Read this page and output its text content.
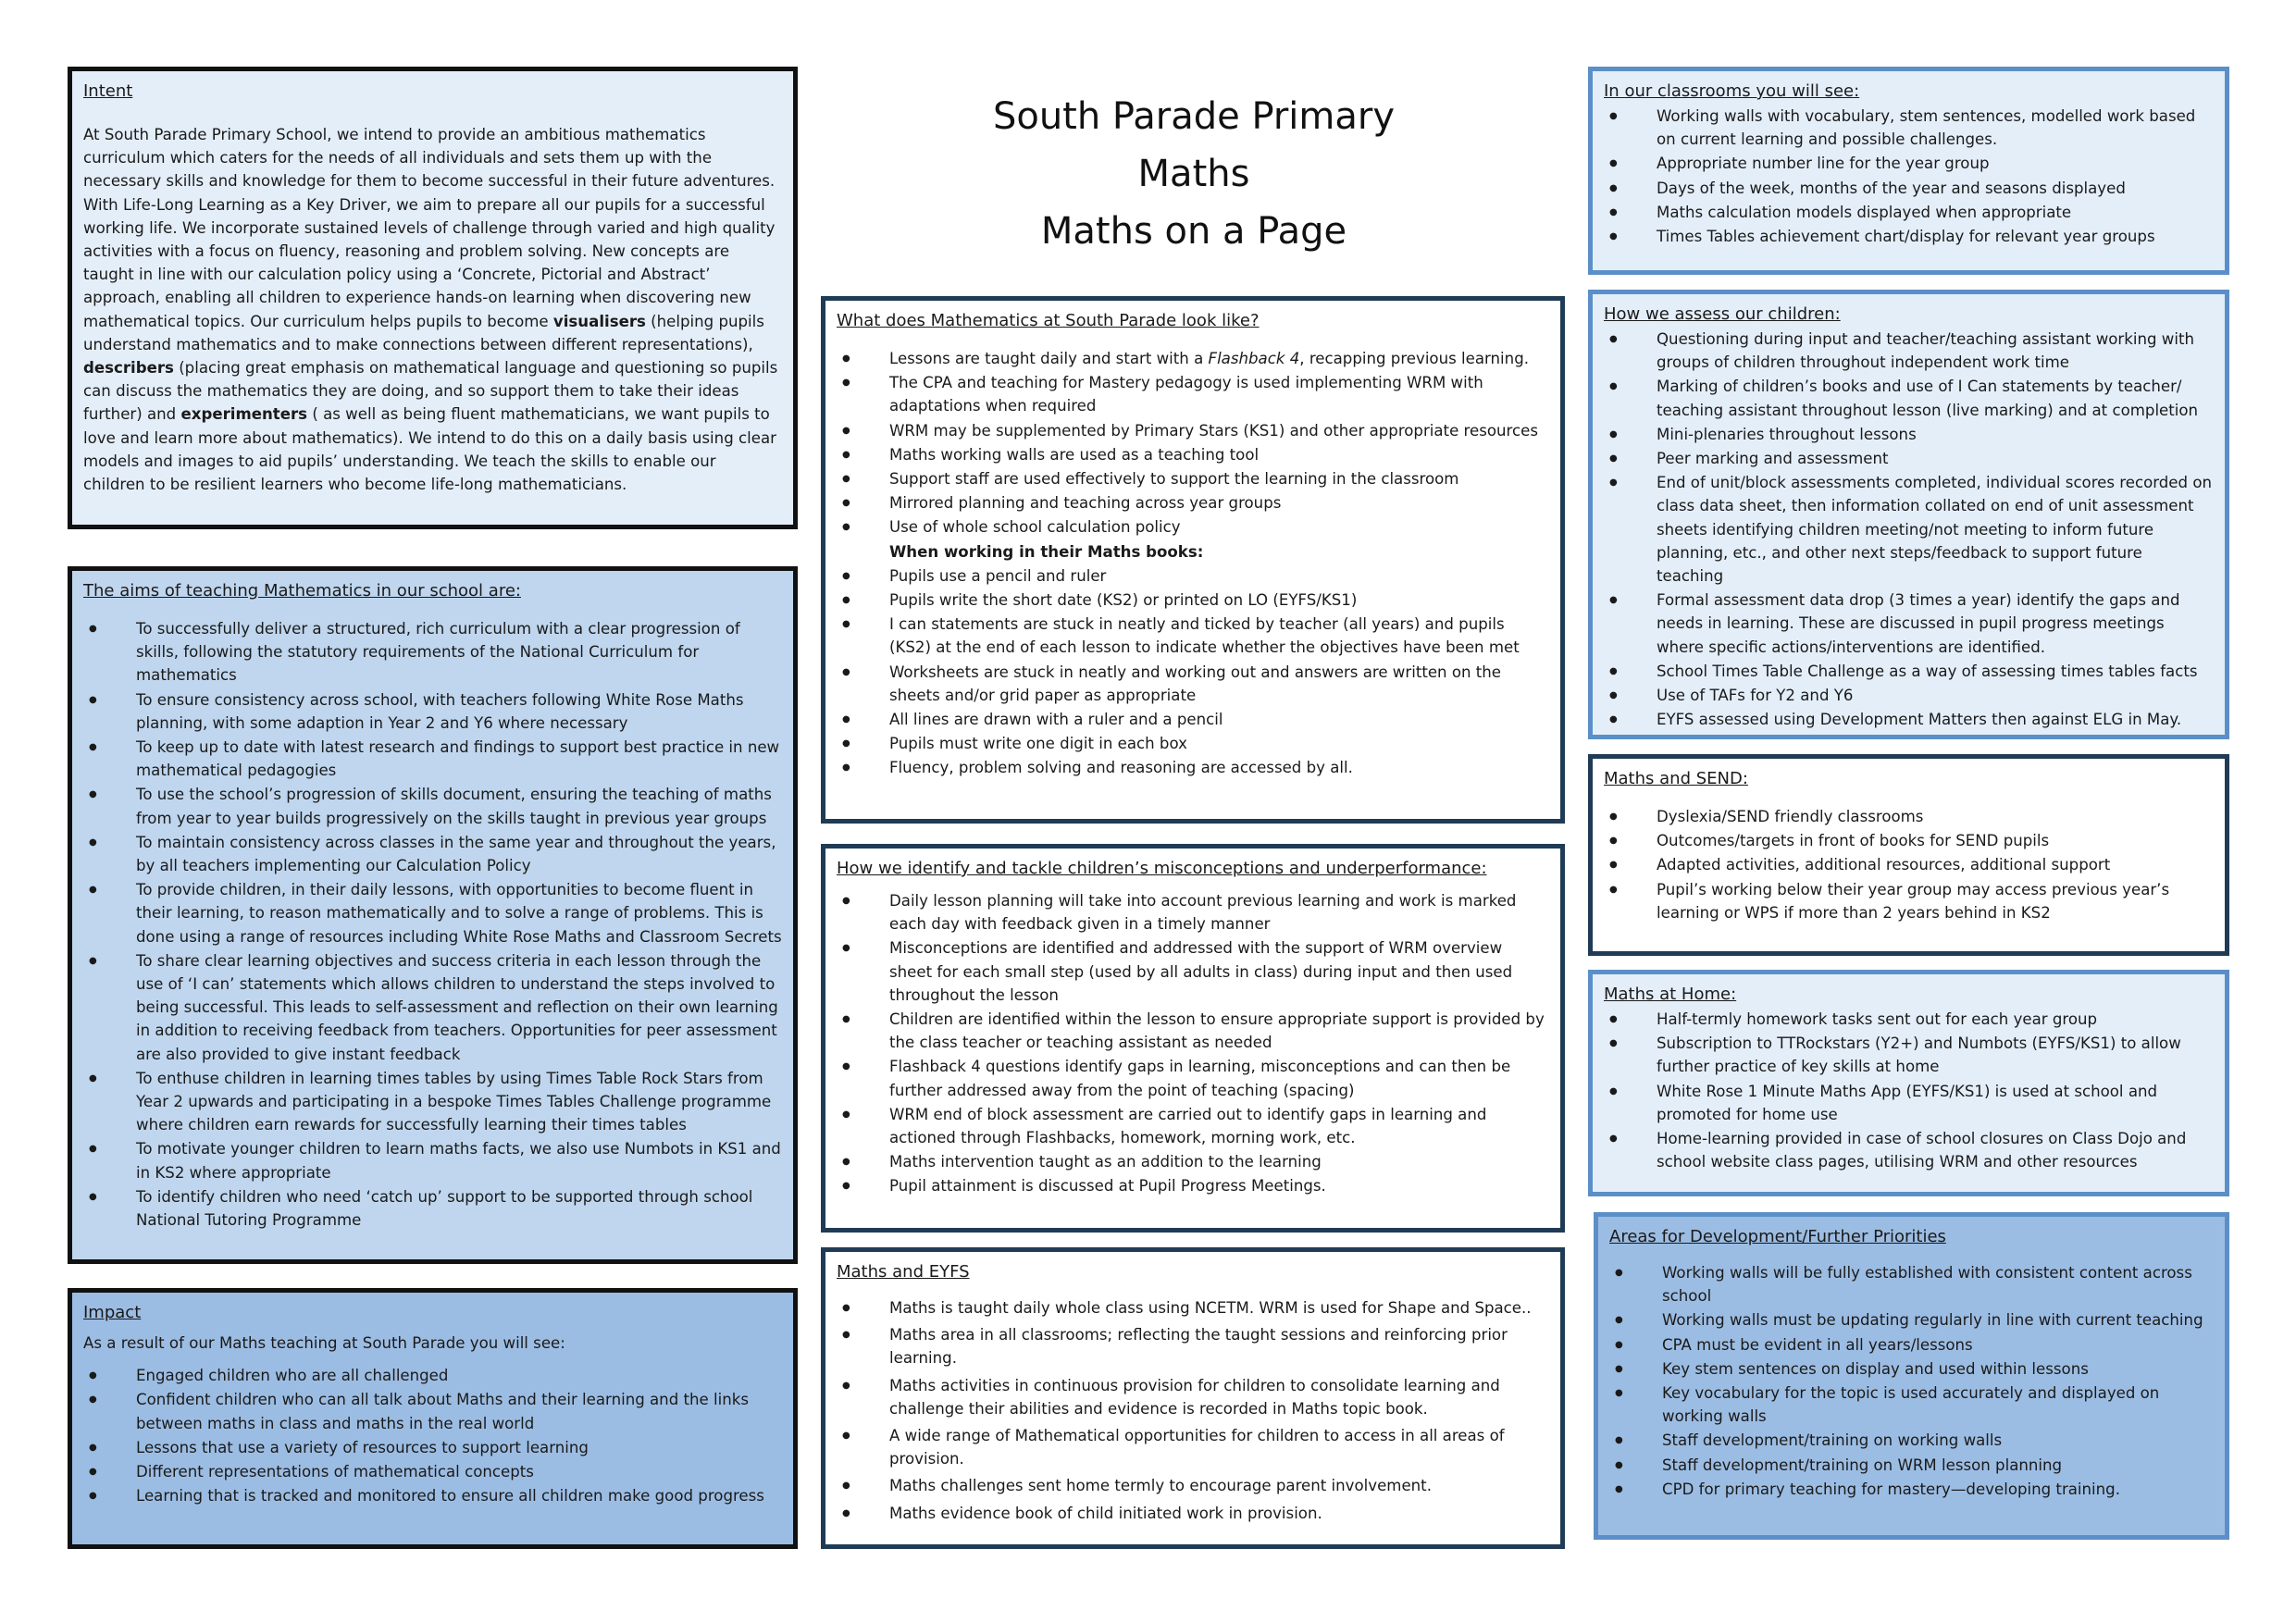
South Parade Primary
Maths
Maths on a Page
Intent

At South Parade Primary School, we intend to provide an ambitious mathematics curriculum which caters for the needs of all individuals and sets them up with the necessary skills and knowledge for them to become successful in their future adventures. With Life-Long Learning as a Key Driver, we aim to prepare all our pupils for a successful working life. We incorporate sustained levels of challenge through varied and high quality activities with a focus on fluency, reasoning and problem solving. New concepts are taught in line with our calculation policy using a ‘Concrete, Pictorial and Abstract’ approach, enabling all children to experience hands-on learning when discovering new mathematical topics. Our curriculum helps pupils to become visualisers (helping pupils understand mathematics and to make connections between different representations), describers (placing great emphasis on mathematical language and questioning so pupils can discuss the mathematics they are doing, and so support them to take their ideas further) and experimenters ( as well as being fluent mathematicians, we want pupils to love and learn more about mathematics). We intend to do this on a daily basis using clear models and images to aid pupils’ understanding. We teach the skills to enable our children to be resilient learners who become life-long mathematicians.

The aims of teaching Mathematics in our school are:
● To successfully deliver a structured, rich curriculum with a clear progression of skills, following the statutory requirements of the National Curriculum for mathematics
● To ensure consistency across school, with teachers following White Rose Maths planning, with some adaption in Year 2 and Y6 where necessary
● To keep up to date with latest research and findings to support best practice in new mathematical pedagogies
● To use the school’s progression of skills document, ensuring the teaching of maths from year to year builds progressively on the skills taught in previous year groups
● To maintain consistency across classes in the same year and throughout the years, by all teachers implementing our Calculation Policy
● To provide children, in their daily lessons, with opportunities to become fluent in their learning, to reason mathematically and to solve a range of problems. This is done using a range of resources including White Rose Maths and Classroom Secrets
● To share clear learning objectives and success criteria in each lesson through the use of ‘I can’ statements which allows children to understand the steps involved to being successful. This leads to self-assessment and reflection on their own learning in addition to receiving feedback from teachers. Opportunities for peer assessment are also provided to give instant feedback
● To enthuse children in learning times tables by using Times Table Rock Stars from Year 2 upwards and participating in a bespoke Times Tables Challenge programme where children earn rewards for successfully learning their times tables
● To motivate younger children to learn maths facts, we also use Numbots in KS1 and in KS2 where appropriate
● To identify children who need ‘catch up’ support to be supported through school National Tutoring Programme
Impact

As a result of our Maths teaching at South Parade you will see:

● Engaged children who are all challenged
● Confident children who can all talk about Maths and their learning and the links between maths in class and maths in the real world
● Lessons that use a variety of resources to support learning
● Different representations of mathematical concepts
● Learning that is tracked and monitored to ensure all children make good progress
What does Mathematics at South Parade look like?
● Lessons are taught daily and start with a Flashback 4, recapping previous learning.
● The CPA and teaching for Mastery pedagogy is used implementing WRM with adaptations when required
● WRM may be supplemented by Primary Stars (KS1) and other appropriate resources
● Maths working walls are used as a teaching tool
● Support staff are used effectively to support the learning in the classroom
● Mirrored planning and teaching across year groups
● Use of whole school calculation policy
When working in their Maths books:
● Pupils use a pencil and ruler
● Pupils write the short date (KS2) or printed on LO (EYFS/KS1)
● I can statements are stuck in neatly and ticked by teacher (all years) and pupils (KS2) at the end of each lesson to indicate whether the objectives have been met
● Worksheets are stuck in neatly and working out and answers are written on the sheets and/or grid paper as appropriate
● All lines are drawn with a ruler and a pencil
● Pupils must write one digit in each box
● Fluency, problem solving and reasoning are accessed by all.
How we identify and tackle children’s misconceptions and underperformance:
● Daily lesson planning will take into account previous learning and work is marked each day with feedback given in a timely manner
● Misconceptions are identified and addressed with the support of WRM overview sheet for each small step (used by all adults in class) during input and then used throughout the lesson
● Children are identified within the lesson to ensure appropriate support is provided by the class teacher or teaching assistant as needed
● Flashback 4 questions identify gaps in learning, misconceptions and can then be further addressed away from the point of teaching (spacing)
● WRM end of block assessment are carried out to identify gaps in learning and actioned through Flashbacks, homework, morning work, etc.
● Maths intervention taught as an addition to the learning
● Pupil attainment is discussed at Pupil Progress Meetings.
Maths and EYFS
● Maths is taught daily whole class using NCETM. WRM is used for Shape and Space..
● Maths area in all classrooms; reflecting the taught sessions and reinforcing prior learning.
● Maths activities in continuous provision for children to consolidate learning and challenge their abilities and evidence is recorded in Maths topic book.
● A wide range of Mathematical opportunities for children to access in all areas of provision.
● Maths challenges sent home termly to encourage parent involvement.
● Maths evidence book of child initiated work in provision.
In our classrooms you will see:
● Working walls with vocabulary, stem sentences, modelled work based on current learning and possible challenges.
● Appropriate number line for the year group
● Days of the week, months of the year and seasons displayed
● Maths calculation models displayed when appropriate
● Times Tables achievement chart/display for relevant year groups
How we assess our children:
● Questioning during input and teacher/teaching assistant working with groups of children throughout independent work time
● Marking of children’s books and use of I Can statements by teacher/ teaching assistant throughout lesson (live marking) and at completion
● Mini-plenaries throughout lessons
● Peer marking and assessment
● End of unit/block assessments completed, individual scores recorded on class data sheet, then information collated on end of unit assessment sheets identifying children meeting/not meeting to inform future planning, etc., and other next steps/feedback to support future teaching
● Formal assessment data drop (3 times a year) identify the gaps and needs in learning. These are discussed in pupil progress meetings where specific actions/interventions are identified.
● School Times Table Challenge as a way of assessing times tables facts
● Use of TAFs for Y2 and Y6
● EYFS assessed using Development Matters then against ELG in May.
Maths and SEND:
● Dyslexia/SEND friendly classrooms
● Outcomes/targets in front of books for SEND pupils
● Adapted activities, additional resources, additional support
● Pupil’s working below their year group may access previous year’s learning or WPS if more than 2 years behind in KS2
Maths at Home:
● Half-termly homework tasks sent out for each year group
● Subscription to TTRockstars (Y2+) and Numbots (EYFS/KS1) to allow further practice of key skills at home
● White Rose 1 Minute Maths App (EYFS/KS1) is used at school and promoted for home use
● Home-learning provided in case of school closures on Class Dojo and school website class pages, utilising WRM and other resources
Areas for Development/Further Priorities
● Working walls will be fully established with consistent content across school
● Working walls must be updating regularly in line with current teaching
● CPA must be evident in all years/lessons
● Key stem sentences on display and used within lessons
● Key vocabulary for the topic is used accurately and displayed on working walls
● Staff development/training on working walls
● Staff development/training on WRM lesson planning
● CPD for primary teaching for mastery—developing training.
